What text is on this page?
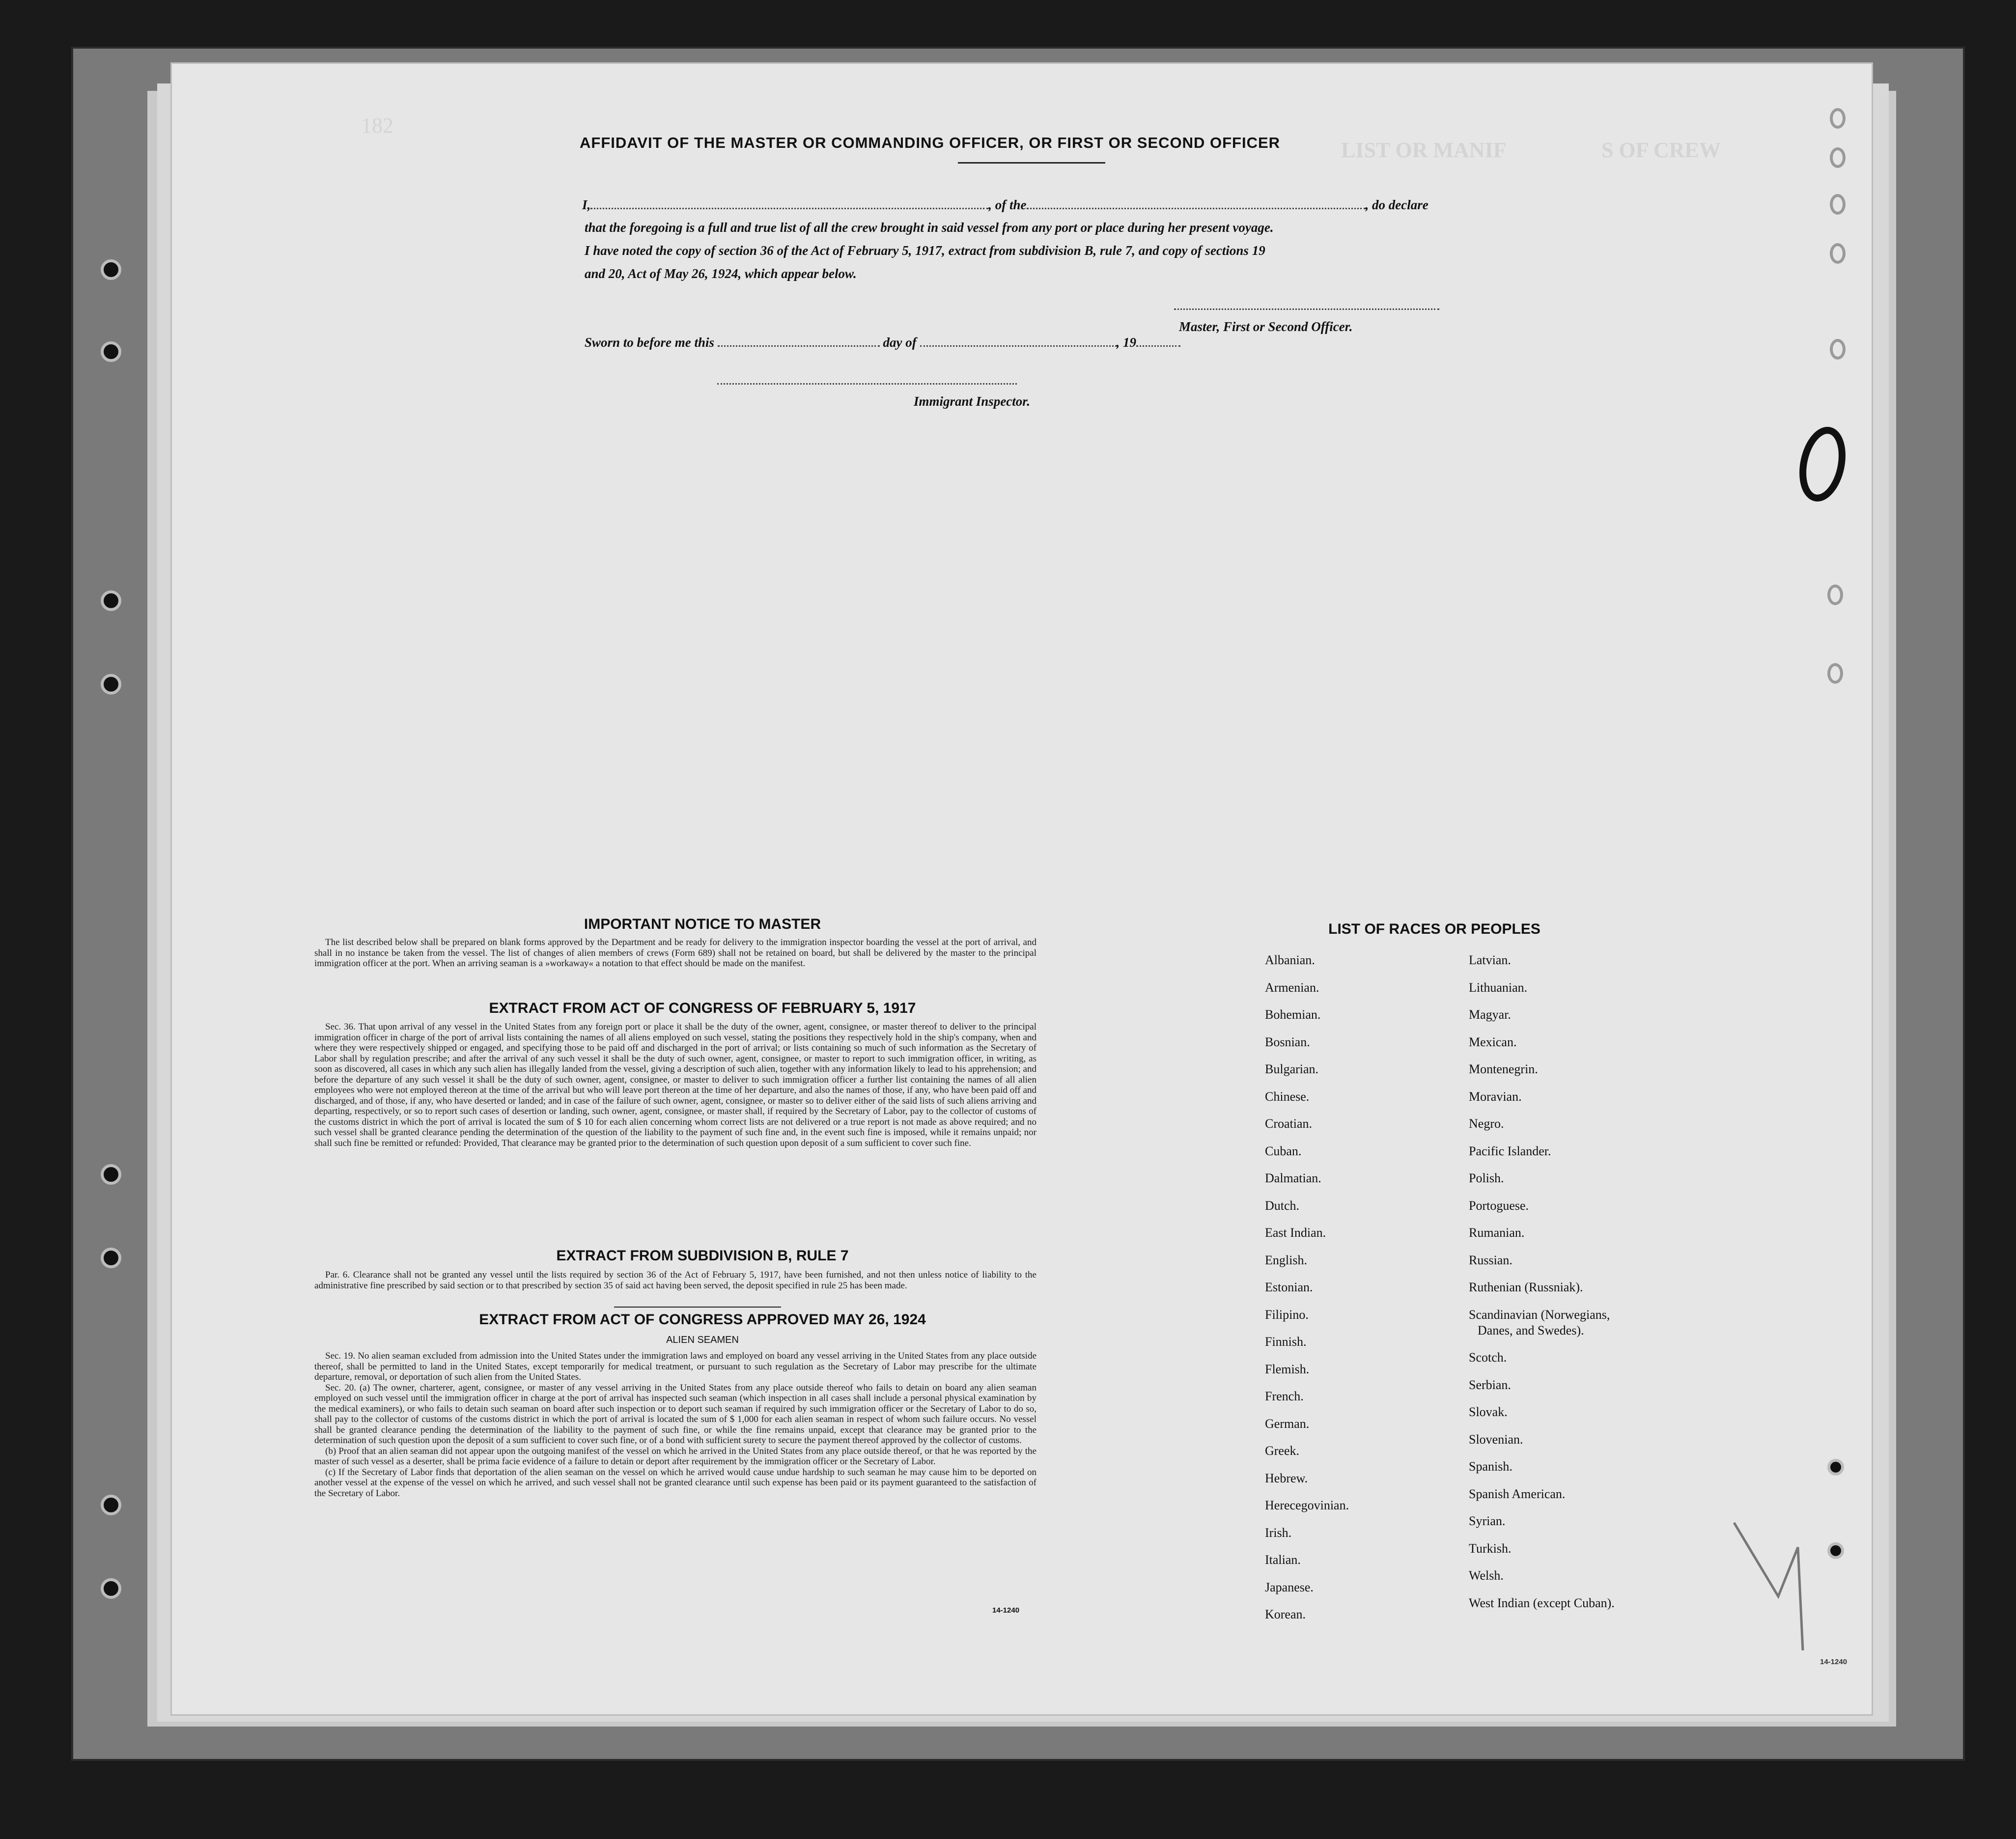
182
LIST OR MANIF	S OF CREW
AFFIDAVIT OF THE MASTER OR COMMANDING OFFICER, OR FIRST OR SECOND OFFICER
I,	, of the	, do declare
that the foregoing is a full and true list of all the crew brought in said vessel from any port or place during her present voyage.
I have noted the copy of section 36 of the Act of February 5, 1917, extract from subdivision B, rule 7, and copy of sections 19
and 20, Act of May 26, 1924, which appear below.
Master, First or Second Officer.
Sworn to before me this	day of	, 19
Immigrant Inspector.
IMPORTANT NOTICE TO MASTER

The list described below shall be prepared on blank forms approved by the Department and be ready for delivery to the immigration inspector boarding the vessel at the port of arrival, and shall in no instance be taken from the vessel. The list of changes of alien members of crews (Form 689) shall not be retained on board, but shall be delivered by the master to the principal immigration officer at the port. When an arriving seaman is a »workaway« a notation to that effect should be made on the manifest.

EXTRACT FROM ACT OF CONGRESS OF FEBRUARY 5, 1917

Sec. 36. That upon arrival of any vessel in the United States from any foreign port or place it shall be the duty of the owner, agent, consignee, or master thereof to deliver to the principal immigration officer in charge of the port of arrival lists containing the names of all aliens employed on such vessel, stating the positions they respectively hold in the ship's company, when and where they were respectively shipped or engaged, and specifying those to be paid off and discharged in the port of arrival; or lists containing so much of such information as the Secretary of Labor shall by regulation prescribe; and after the arrival of any such vessel it shall be the duty of such owner, agent, consignee, or master to report to such immigration officer, in writing, as soon as discovered, all cases in which any such alien has illegally landed from the vessel, giving a description of such alien, together with any information likely to lead to his apprehension; and before the departure of any such vessel it shall be the duty of such owner, agent, consignee, or master to deliver to such immigration officer a further list containing the names of all alien employees who were not employed thereon at the time of the arrival but who will leave port thereon at the time of her departure, and also the names of those, if any, who have been paid off and discharged, and of those, if any, who have deserted or landed; and in case of the failure of such owner, agent, consignee, or master so to deliver either of the said lists of such aliens arriving and departing, respectively, or so to report such cases of desertion or landing, such owner, agent, consignee, or master shall, if required by the Secretary of Labor, pay to the collector of customs of the customs district in which the port of arrival is located the sum of $ 10 for each alien concerning whom correct lists are not delivered or a true report is not made as above required; and no such vessel shall be granted clearance pending the determination of the question of the liability to the payment of such fine and, in the event such fine is imposed, while it remains unpaid; nor shall such fine be remitted or refunded: Provided, That clearance may be granted prior to the determination of such question upon deposit of a sum sufficient to cover such fine.

EXTRACT FROM SUBDIVISION B, RULE 7

Par. 6. Clearance shall not be granted any vessel until the lists required by section 36 of the Act of February 5, 1917, have been furnished, and not then unless notice of liability to the administrative fine prescribed by said section or to that prescribed by section 35 of said act having been served, the deposit specified in rule 25 has been made.

EXTRACT FROM ACT OF CONGRESS APPROVED MAY 26, 1924
ALIEN SEAMEN

Sec. 19. No alien seaman excluded from admission into the United States under the immigration laws and employed on board any vessel arriving in the United States from any place outside thereof, shall be permitted to land in the United States, except temporarily for medical treatment, or pursuant to such regulation as the Secretary of Labor may prescribe for the ultimate departure, removal, or deportation of such alien from the United States.

Sec. 20. (a) The owner, charterer, agent, consignee, or master of any vessel arriving in the United States from any place outside thereof who fails to detain on board any alien seaman employed on such vessel until the immigration officer in charge at the port of arrival has inspected such seaman (which inspection in all cases shall include a personal physical examination by the medical examiners), or who fails to detain such seaman on board after such inspection or to deport such seaman if required by such immigration officer or the Secretary of Labor to do so, shall pay to the collector of customs of the customs district in which the port of arrival is located the sum of $ 1,000 for each alien seaman in respect of whom such failure occurs. No vessel shall be granted clearance pending the determination of the liability to the payment of such fine, or while the fine remains unpaid, except that clearance may be granted prior to the determination of such question upon the deposit of a sum sufficient to cover such fine, or of a bond with sufficient surety to secure the payment thereof approved by the collector of customs.

(b) Proof that an alien seaman did not appear upon the outgoing manifest of the vessel on which he arrived in the United States from any place outside thereof, or that he was reported by the master of such vessel as a deserter, shall be prima facie evidence of a failure to detain or deport after requirement by the immigration officer or the Secretary of Labor.

(c) If the Secretary of Labor finds that deportation of the alien seaman on the vessel on which he arrived would cause undue hardship to such seaman he may cause him to be deported on another vessel at the expense of the vessel on which he arrived, and such vessel shall not be granted clearance until such expense has been paid or its payment guaranteed to the satisfaction of the Secretary of Labor.

14-1240
LIST OF RACES OR PEOPLES
Albanian.
Armenian.
Bohemian.
Bosnian.
Bulgarian.
Chinese.
Croatian.
Cuban.
Dalmatian.
Dutch.
East Indian.
English.
Estonian.
Filipino.
Finnish.
Flemish.
French.
German.
Greek.
Hebrew.
Herecegovinian.
Irish.
Italian.
Japanese.
Korean.
Latvian.
Lithuanian.
Magyar.
Mexican.
Montenegrin.
Moravian.
Negro.
Pacific Islander.
Polish.
Portoguese.
Rumanian.
Russian.
Ruthenian (Russniak).
Scandinavian (Norwegians,
Danes, and Swedes).
Scotch.
Serbian.
Slovak.
Slovenian.
Spanish.
Spanish American.
Syrian.
Turkish.
Welsh.
West Indian (except Cuban).
14-1240
